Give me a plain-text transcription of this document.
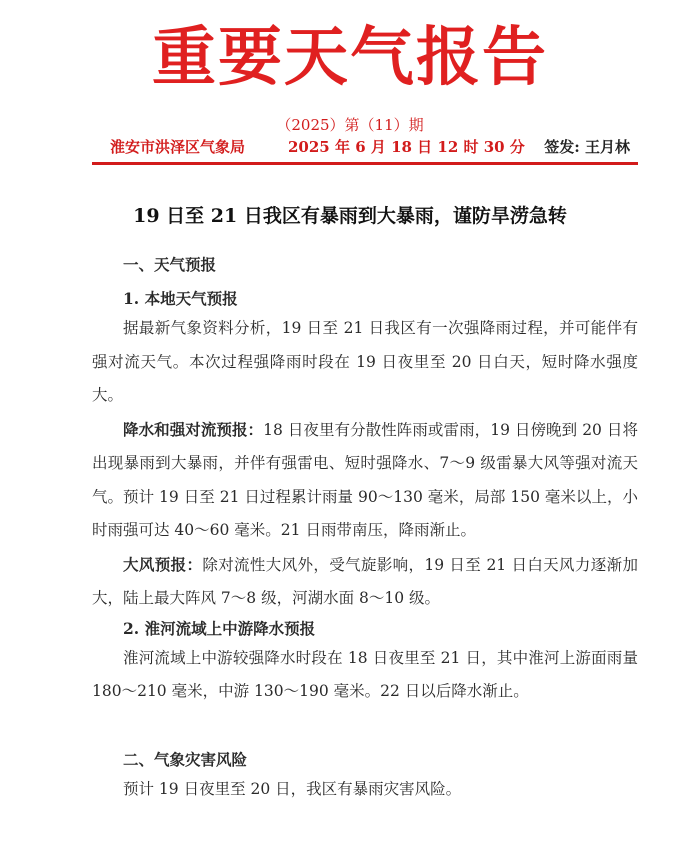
重要天气报告
（2025）第（11）期
淮安市洪泽区气象局	2025 年 6 月 18 日 12 时 30 分 签发: 王月林
19 日至 21 日我区有暴雨到大暴雨，谨防旱涝急转

一、天气预报

1. 本地天气预报

据最新气象资料分析，19 日至 21 日我区有一次强降雨过程，并可能伴有强对流天气。本次过程强降雨时段在 19 日夜里至 20 日白天，短时降水强度大。

降水和强对流预报：18 日夜里有分散性阵雨或雷雨，19 日傍晚到 20 日将出现暴雨到大暴雨，并伴有强雷电、短时强降水、7～9 级雷暴大风等强对流天气。预计 19 日至 21 日过程累计雨量 90～130 毫米，局部 150 毫米以上，小时雨强可达 40～60 毫米。21 日雨带南压，降雨渐止。

大风预报：除对流性大风外，受气旋影响，19 日至 21 日白天风力逐渐加大，陆上最大阵风 7～8 级，河湖水面 8～10 级。

2. 淮河流域上中游降水预报

淮河流域上中游较强降水时段在 18 日夜里至 21 日，其中淮河上游面雨量 180～210 毫米，中游 130～190 毫米。22 日以后降水渐止。

二、气象灾害风险

预计 19 日夜里至 20 日，我区有暴雨灾害风险。
